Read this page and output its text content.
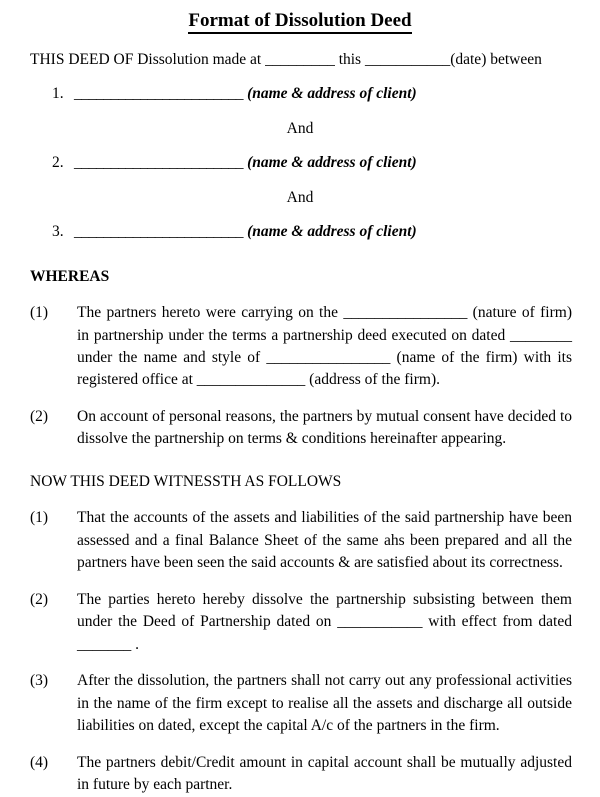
Format of Dissolution Deed

THIS DEED OF Dissolution made at _________ this ___________(date) between

1. _______________________ (name & address of client)
And
2. _______________________ (name & address of client)
And
3. _______________________ (name & address of client)
WHEREAS
(1)	The partners hereto were carrying on the ________________ (nature of firm) in partnership under the terms a partnership deed executed on dated ________ under the name and style of ________________ (name of the firm) with its registered office at ______________ (address of the firm).
(2)	On account of personal reasons, the partners by mutual consent have decided to dissolve the partnership on terms & conditions hereinafter appearing.
NOW THIS DEED WITNESSTH AS FOLLOWS
(1)	That the accounts of the assets and liabilities of the said partnership have been assessed and a final Balance Sheet of the same ahs been prepared and all the partners have been seen the said accounts & are satisfied about its correctness.
(2)	The parties hereto hereby dissolve the partnership subsisting between them under the Deed of Partnership dated on ___________ with effect from dated _______ .
(3)	After the dissolution, the partners shall not carry out any professional activities in the name of the firm except to realise all the assets and discharge all outside liabilities on dated, except the capital A/c of the partners in the firm.
(4)	The partners debit/Credit amount in capital account shall be mutually adjusted in future by each partner.
